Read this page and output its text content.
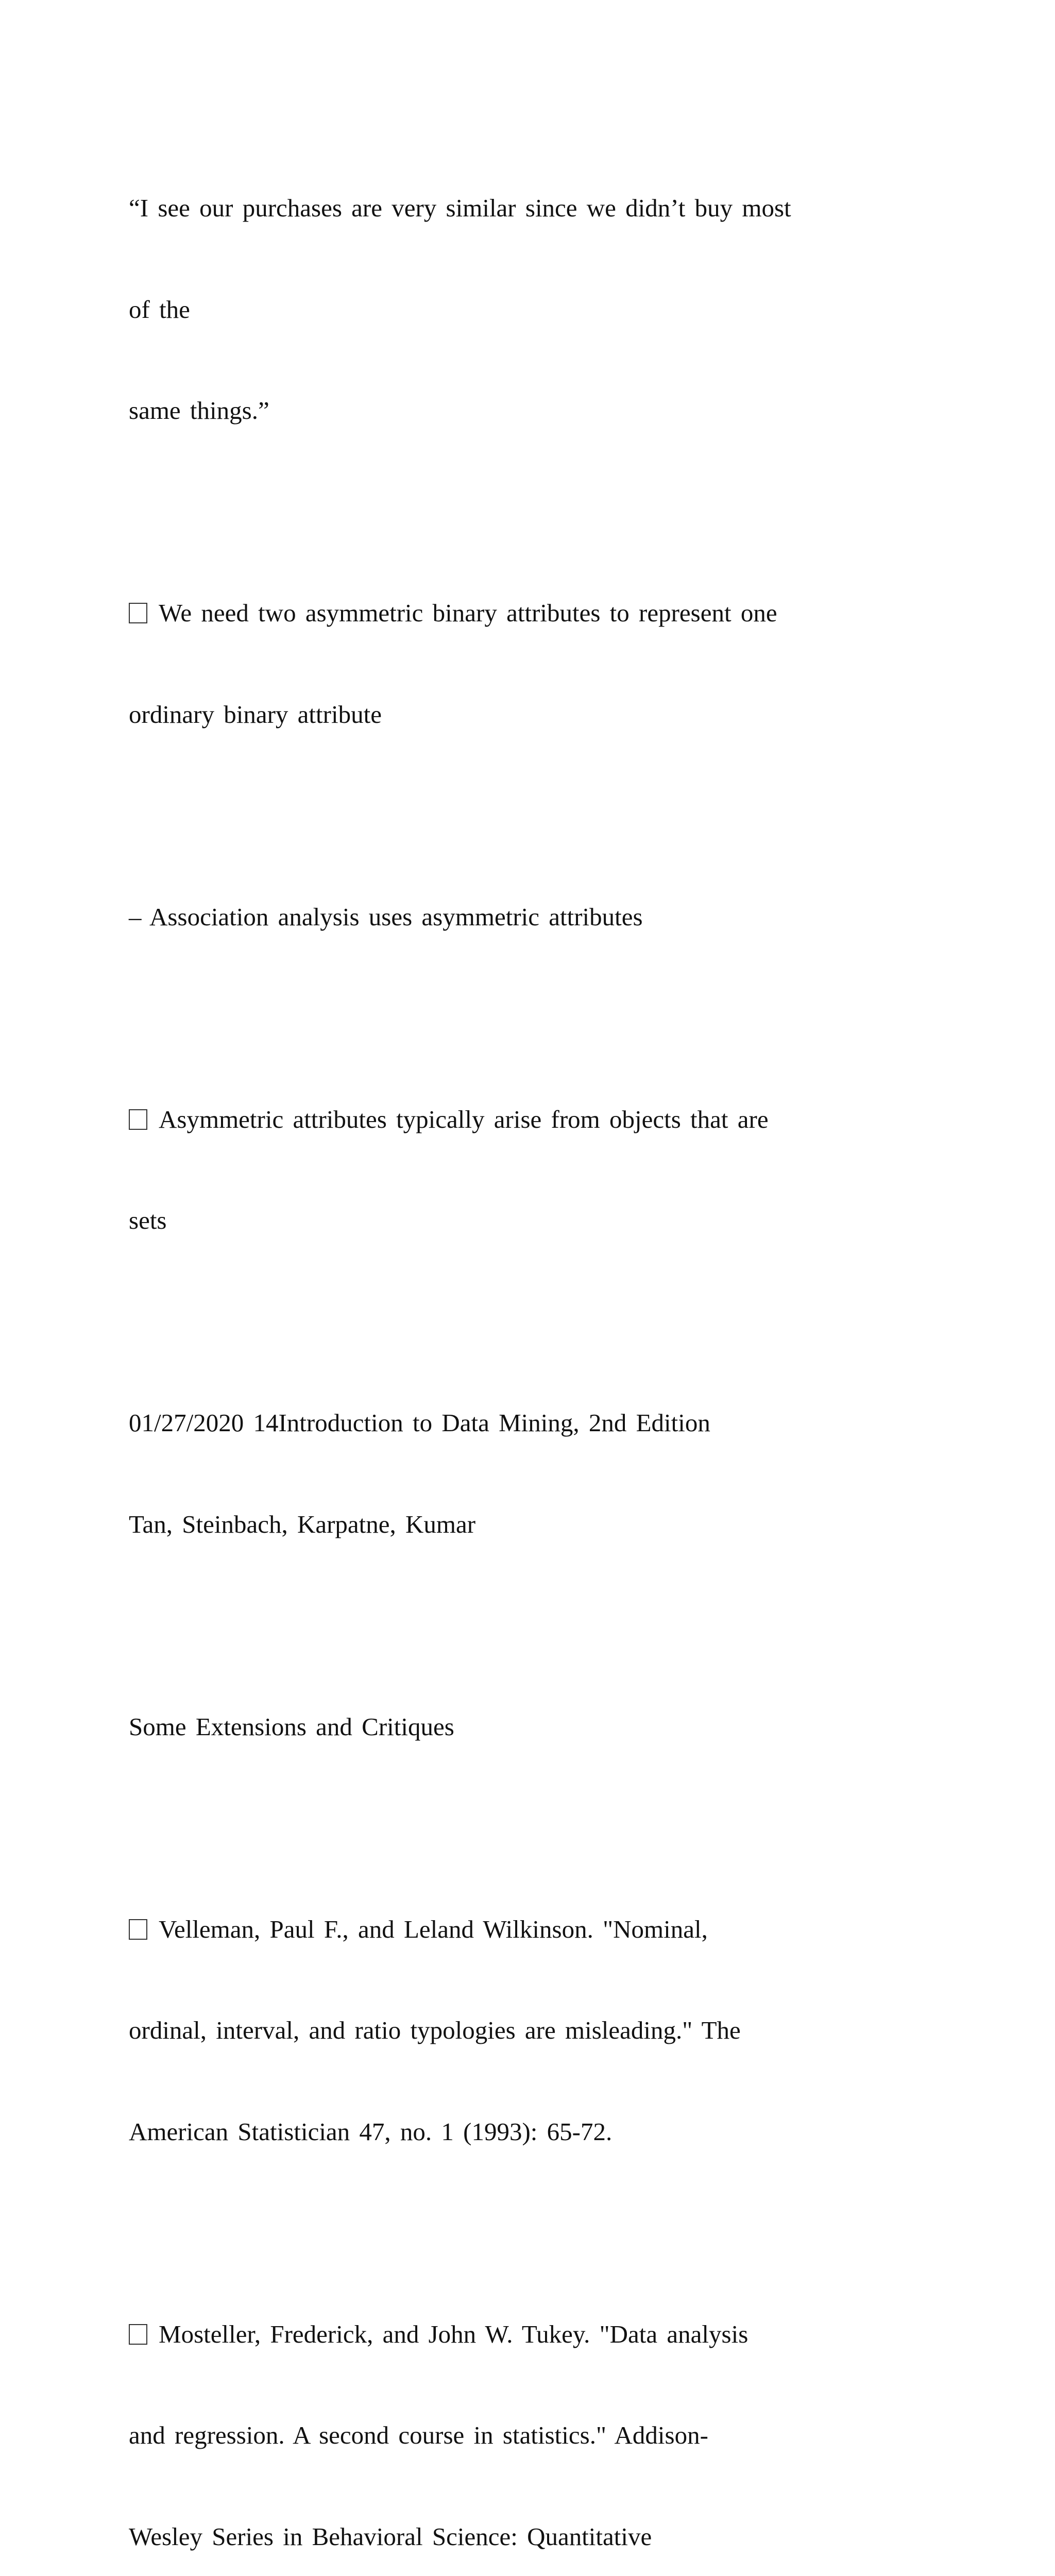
“I see our purchases are very similar since we didn’t buy most

of the

same things.”

We need two asymmetric binary attributes to represent one

ordinary binary attribute

– Association analysis uses asymmetric attributes

Asymmetric attributes typically arise from objects that are

sets

01/27/2020 14Introduction to Data Mining, 2nd Edition

Tan, Steinbach, Karpatne, Kumar

Some Extensions and Critiques

Velleman, Paul F., and Leland Wilkinson. "Nominal,

ordinal, interval, and ratio typologies are misleading." The

American Statistician 47, no. 1 (1993): 65-72.

Mosteller, Frederick, and John W. Tukey. "Data analysis

and regression. A second course in statistics." Addison-

Wesley Series in Behavioral Science: Quantitative
